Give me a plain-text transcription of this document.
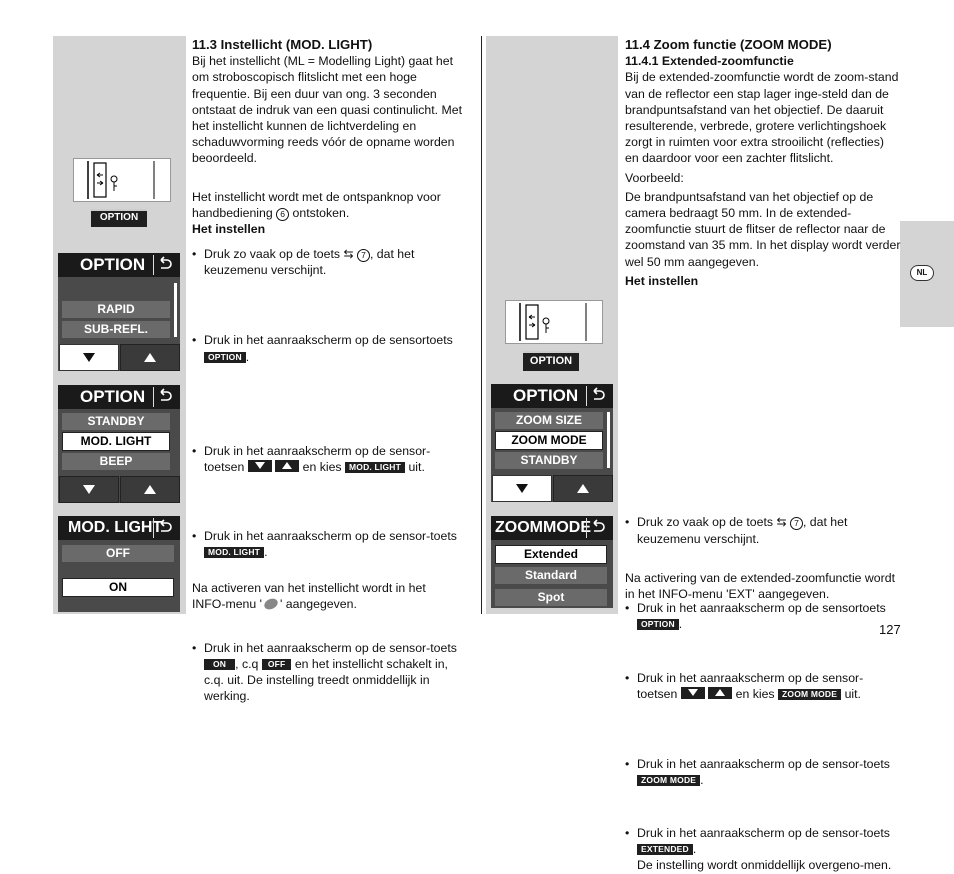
NL
OPTION
OPTION
RAPID
SUB-REFL.
OPTION
STANDBY
MOD. LIGHT
BEEP
MOD. LIGHT
OFF
ON
OPTION
OPTION
ZOOM SIZE
ZOOM MODE
STANDBY
ZOOMMODE
Extended
Standard
Spot

11.3 Instellicht (MOD. LIGHT)

Bij het instellicht (ML = Modelling Light) gaat het om stroboscopisch flitslicht met een hoge frequentie. Bij een duur van ong. 3 seconden ontstaat de indruk van een quasi continulicht. Met het instellicht kunnen de lichtverdeling en schaduwvorming reeds vóór de opname worden beoordeeld.

Het instellicht wordt met de ontspanknop voor handbediening 6 ontstoken.

Het instellen

• Druk zo vaak op de toets ⇆ 7 , dat het keuzemenu verschijnt.
• Druk in het aanraakscherm op de sensortoets OPTION .
• Druk in het aanraakscherm op de sensor-toetsen
	en kies MOD. LIGHT uit.
• Druk in het aanraakscherm op de sensor-toets MOD. LIGHT .
• Druk in het aanraakscherm op de sensor-toets ON , c.q OFF en het instellicht schakelt in, c.q. uit. De instelling treedt onmiddellijk in werking.
Na activeren van het instellicht wordt in het INFO-menu ' ' aangegeven.

11.4 Zoom functie (ZOOM MODE)

11.4.1 Extended-zoomfunctie

Bij de extended-zoomfunctie wordt de zoom-stand van de reflector een stap lager inge-steld dan de brandpuntsafstand van het objectief. De daaruit resulterende, verbrede, grotere verlichtingshoek zorgt in ruimten voor extra strooilicht (reflecties) en daardoor voor een zachter flitslicht.

Voorbeeld:

De brandpuntsafstand van het objectief op de camera bedraagt 50 mm. In de extended-zoomfunctie stuurt de flitser de reflector naar de zoomstand van 35 mm. In het display wordt verder wel 50 mm aangegeven.

Het instellen

• Druk zo vaak op de toets ⇆ 7 , dat het keuzemenu verschijnt.
• Druk in het aanraakscherm op de sensortoets OPTION .
• Druk in het aanraakscherm op de sensor-toetsen
	en kies ZOOM MODE uit.
• Druk in het aanraakscherm op de sensor-toets ZOOM MODE .
• Druk in het aanraakscherm op de sensor-toets EXTENDED .
De instelling wordt onmiddellijk overgeno-men.
Na activering van de extended-zoomfunctie wordt in het INFO-menu 'EXT' aangegeven.
127
